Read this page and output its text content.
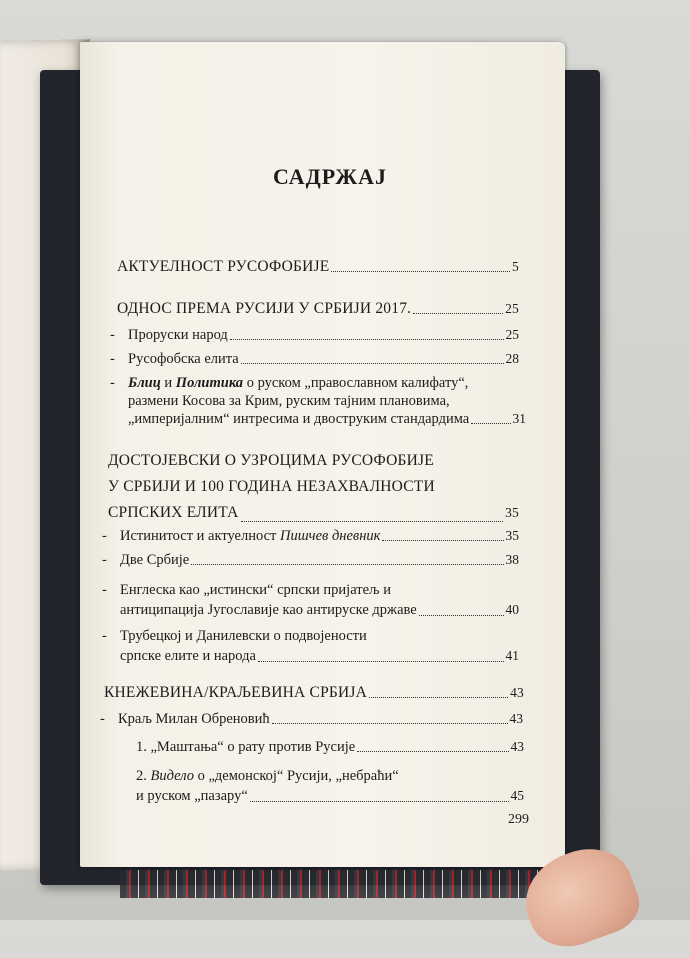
САДРЖАЈ
АКТУЕЛНОСТ РУСОФОБИЈЕ	5
ОДНОС ПРЕМА РУСИЈИ У СРБИЈИ 2017.	25
- Проруски народ	25
- Русофобска елита	28
- Блиц и Политика о руском „православном калифату“,
размени Косова за Крим, руским тајним плановима,
„империјалним“ интресима и двоструким стандардима	31
ДОСТОЈЕВСКИ О УЗРОЦИМА РУСОФОБИЈЕ
У СРБИЈИ И 100 ГОДИНА НЕЗАХВАЛНОСТИ
СРПСКИХ ЕЛИТА	35
- Истинитост и актуелност Пишчев дневник	35
- Две Србије	38
- Енглеска као „истински“ српски пријатељ и
антиципација Југославије као антируске државе	40
- Трубецкој и Данилевски о подвојености
српске елите и народа	41
КНЕЖЕВИНА/КРАЉЕВИНА СРБИЈА	43
- Краљ Милан Обреновић	43
1. „Маштања“ о рату против Русије	43
2. Видело о „демонској“ Русији, „небраћи“
и руском „пазару“	45
299
